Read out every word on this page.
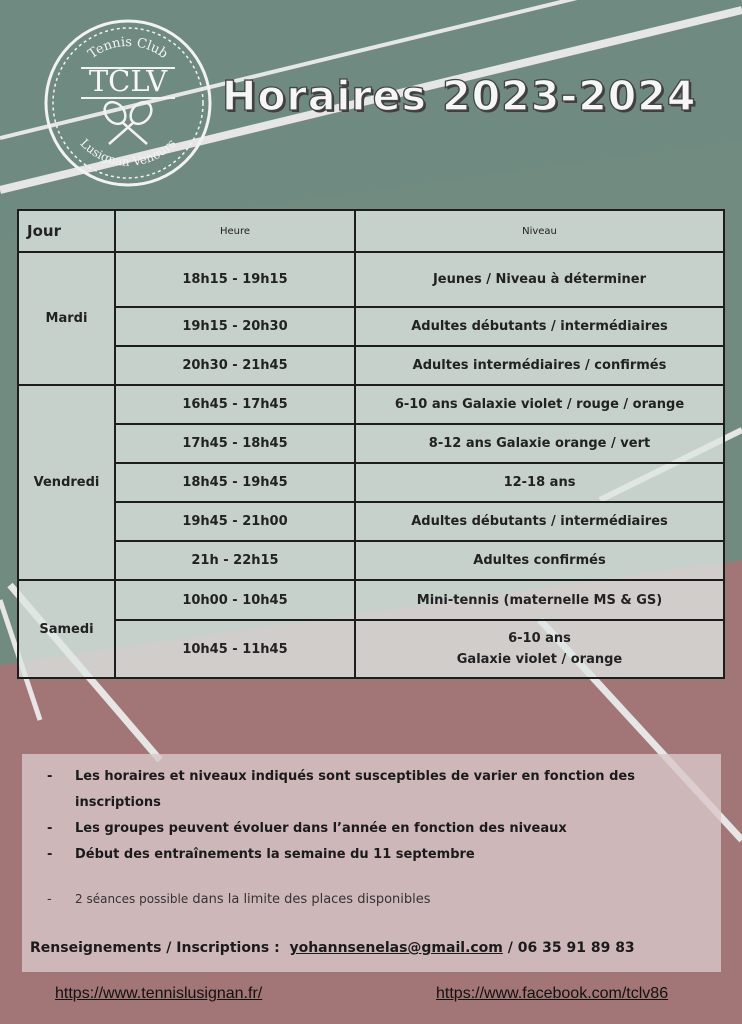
Tennis Club
TCLV
Lusignan Venours
Horaires 2023-2024
Jour	Heure	Niveau
Mardi	18h15 - 19h15	Jeunes / Niveau à déterminer
	19h15 - 20h30	Adultes débutants / intermédiaires
	20h30 - 21h45	Adultes intermédiaires / confirmés
Vendredi	16h45 - 17h45	6-10 ans Galaxie violet / rouge / orange
	17h45 - 18h45	8-12 ans Galaxie orange / vert
	18h45 - 19h45	12-18 ans
	19h45 - 21h00	Adultes débutants / intermédiaires
	21h - 22h15	Adultes confirmés
Samedi	10h00 - 10h45	Mini-tennis (maternelle MS & GS)
	10h45 - 11h45	6-10 ans
Galaxie violet / orange
- Les horaires et niveaux indiqués sont susceptibles de varier en fonction des inscriptions
- Les groupes peuvent évoluer dans l’année en fonction des niveaux
- Début des entraînements la semaine du 11 septembre
- 2 séances possible dans la limite des places disponibles
Renseignements / Inscriptions : yohannsenelas@gmail.com / 06 35 91 89 83
https://www.tennislusignan.fr/	https://www.facebook.com/tclv86
